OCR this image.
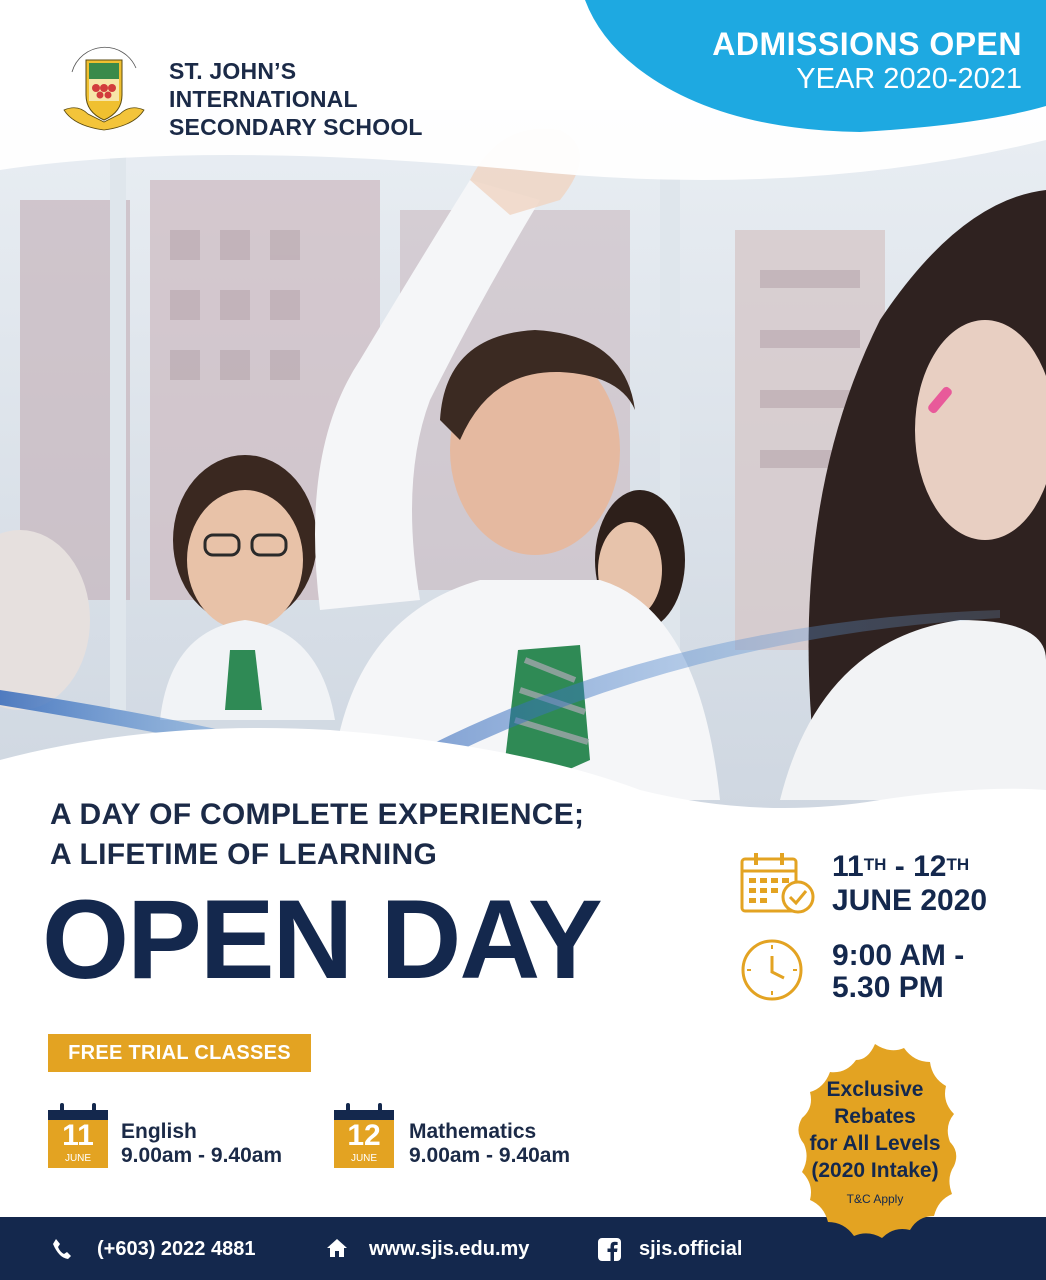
ST. JOHN’S
INTERNATIONAL
SECONDARY SCHOOL
ADMISSIONS OPEN
YEAR 2020-2021
A DAY OF COMPLETE EXPERIENCE;
A LIFETIME OF LEARNING
OPEN DAY
11TH - 12TH
JUNE 2020
9:00 AM -
5.30 PM
FREE TRIAL CLASSES
11
JUNE
English
9.00am - 9.40am
12
JUNE
Mathematics
9.00am - 9.40am
(+603) 2022 4881	www.sjis.edu.my	sjis.official
Exclusive
Rebates
for All Levels
(2020 Intake)
T&C Apply
